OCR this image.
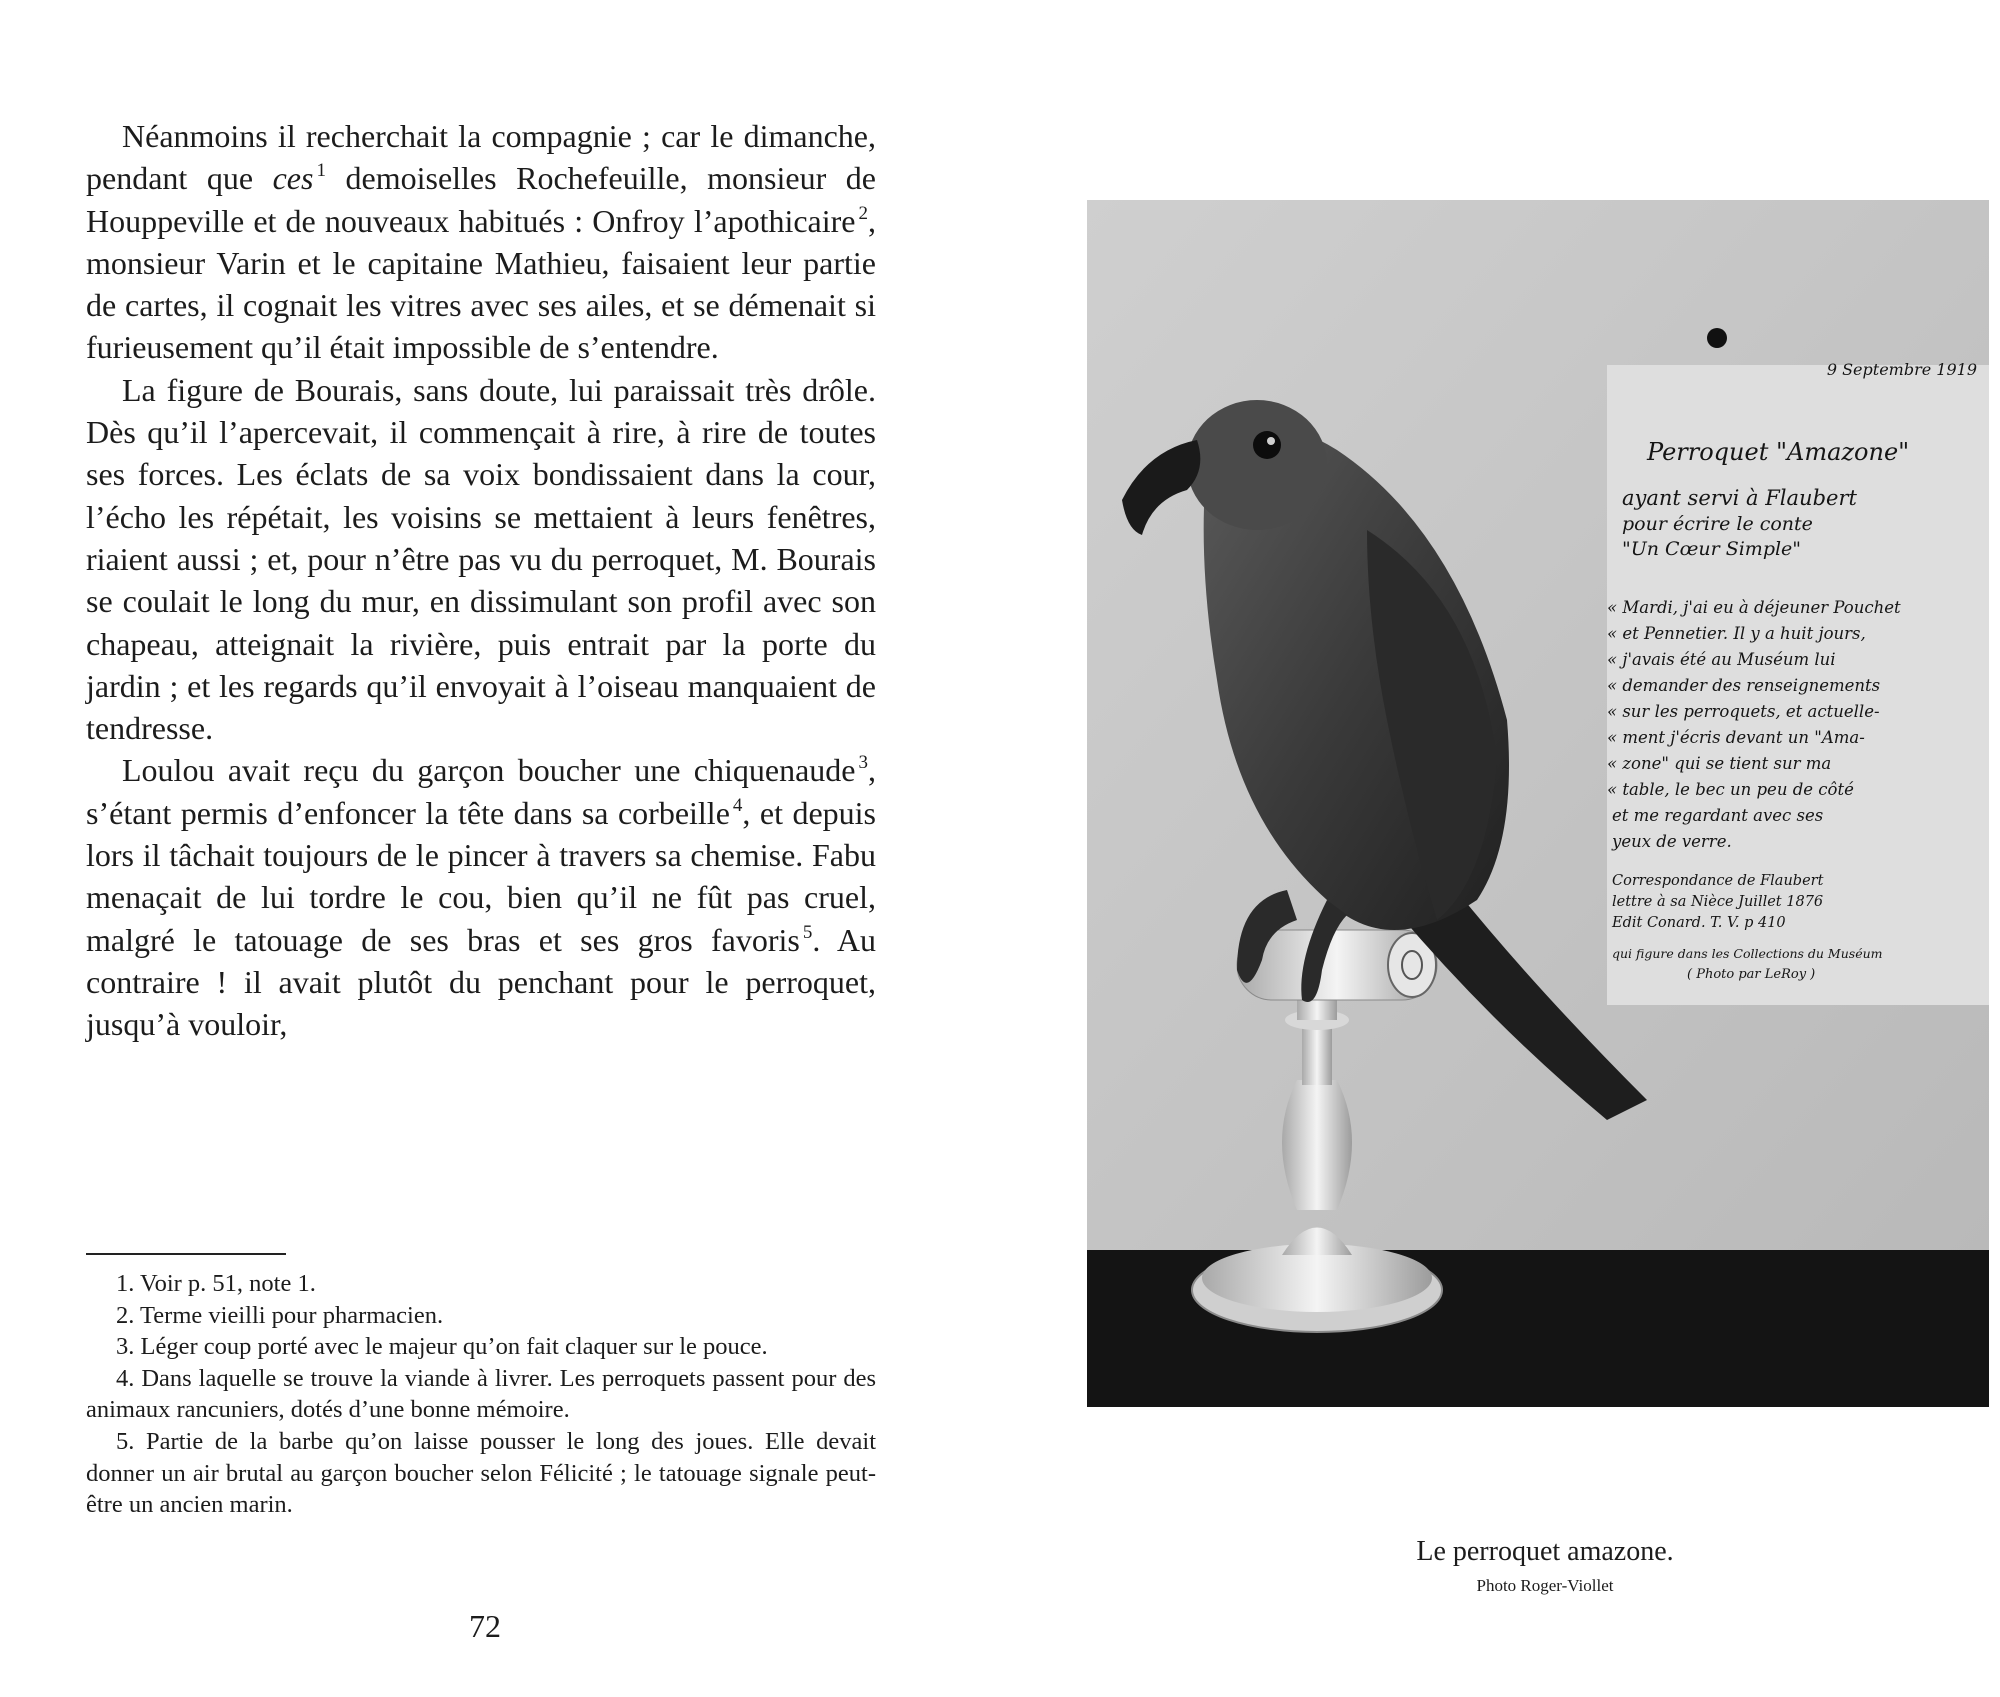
Néanmoins il recherchait la compagnie ; car le dimanche, pendant que ces $^1$ demoiselles Rochefeuille, monsieur de Houppeville et de nouveaux habitués : Onfroy l’apothicaire $^2$, monsieur Varin et le capitaine Mathieu, faisaient leur partie de cartes, il cognait les vitres avec ses ailes, et se démenait si furieusement qu’il était impossible de s’entendre.

La figure de Bourais, sans doute, lui paraissait très drôle. Dès qu’il l’apercevait, il commençait à rire, à rire de toutes ses forces. Les éclats de sa voix bondissaient dans la cour, l’écho les répétait, les voisins se mettaient à leurs fenêtres, riaient aussi ; et, pour n’être pas vu du perroquet, M. Bourais se coulait le long du mur, en dissimulant son profil avec son chapeau, atteignait la rivière, puis entrait par la porte du jardin ; et les regards qu’il envoyait à l’oiseau manquaient de tendresse.

Loulou avait reçu du garçon boucher une chiquenaude $^3$, s’étant permis d’enfoncer la tête dans sa corbeille $^4$, et depuis lors il tâchait toujours de le pincer à travers sa chemise. Fabu menaçait de lui tordre le cou, bien qu’il ne fût pas cruel, malgré le tatouage de ses bras et ses gros favoris $^5$. Au contraire ! il avait plutôt du penchant pour le perroquet, jusqu’à vouloir,

1. Voir p. 51, note 1.

2. Terme vieilli pour pharmacien.

3. Léger coup porté avec le majeur qu’on fait claquer sur le pouce.

4. Dans laquelle se trouve la viande à livrer. Les perroquets passent pour des animaux rancuniers, dotés d’une bonne mémoire.

5. Partie de la barbe qu’on laisse pousser le long des joues. Elle devait donner un air brutal au garçon boucher selon Félicité ; le tatouage signale peut-être un ancien marin.

72
9 Septembre 1919
Perroquet "Amazone"
ayant servi à Flaubert
pour écrire le conte
"Un Cœur Simple"
« Mardi, j'ai eu à déjeuner Pouchet
« et Pennetier. Il y a huit jours,
« j'avais été au Muséum lui
« demander des renseignements
« sur les perroquets, et actuelle-
« ment j'écris devant un "Ama-
« zone" qui se tient sur ma
« table, le bec un peu de côté
et me regardant avec ses
yeux de verre.
Correspondance de Flaubert
lettre à sa Nièce Juillet 1876
Edit Conard. T. V. p 410
qui figure dans les Collections du Muséum
( Photo par LeRoy )
Le perroquet amazone.
Photo Roger-Viollet
